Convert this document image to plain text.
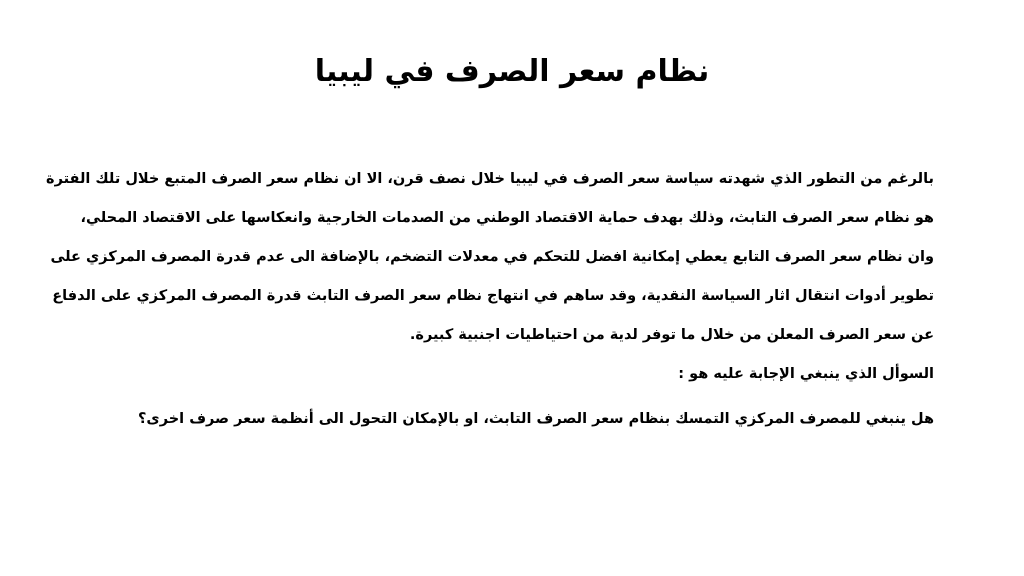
نظام سعر الصرف في ليبيا
بالرغم من التطور الذي شهدته سياسة سعر الصرف في ليبيا خلال نصف قرن، الا ان نظام سعر الصرف المتبع خلال تلك الفترة
هو نظام سعر الصرف التابث، وذلك بهدف حماية الاقتصاد الوطني من الصدمات الخارجية وانعكاسها على الاقتصاد المحلي،
وان نظام سعر الصرف التابع يعطي إمكانية افضل للتحكم في معدلات التضخم، بالإضافة الى عدم قدرة المصرف المركزي على
تطوير أدوات انتقال اثار السياسة النقدية، وقد ساهم في انتهاج نظام سعر الصرف التابث قدرة المصرف المركزي على الدفاع
عن سعر الصرف المعلن من خلال ما توفر لدية من احتياطيات اجنبية كبيرة.
السوأل الذي ينبغي الإجابة عليه هو :
هل ينبغي للمصرف المركزي التمسك بنظام سعر الصرف التابث، او بالإمكان التحول الى أنظمة سعر صرف اخرى؟
